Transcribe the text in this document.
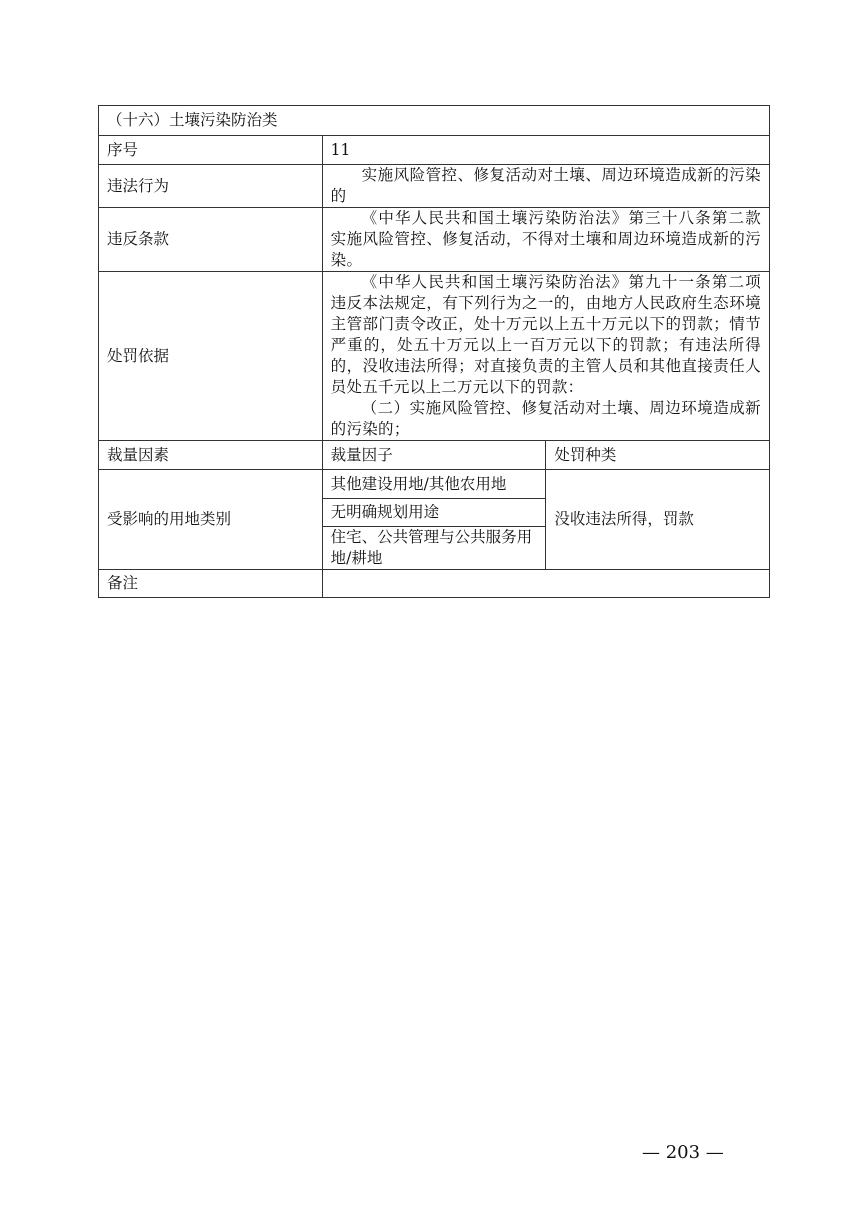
（十六）土壤污染防治类		
序号	11	
违法行为	实施风险管控、修复活动对土壤、周边环境造成新的污染的	
违反条款	《中华人民共和国土壤污染防治法》第三十八条第二款 实施风险管控、修复活动，不得对土壤和周边环境造成新的污染。	
处罚依据	《中华人民共和国土壤污染防治法》第九十一条第二项 违反本法规定，有下列行为之一的，由地方人民政府生态环境主管部门责令改正，处十万元以上五十万元以下的罚款；情节严重的，处五十万元以上一百万元以下的罚款；有违法所得的，没收违法所得；对直接负责的主管人员和其他直接责任人员处五千元以上二万元以下的罚款：
（二）实施风险管控、修复活动对土壤、周边环境造成新的污染的；	

裁量因素	裁量因子	处罚种类
受影响的用地类别	其他建设用地/其他农用地	没收违法所得，罚款
	无明确规划用途	
	住宅、公共管理与公共服务用地/耕地	
备注		
— 203 —
